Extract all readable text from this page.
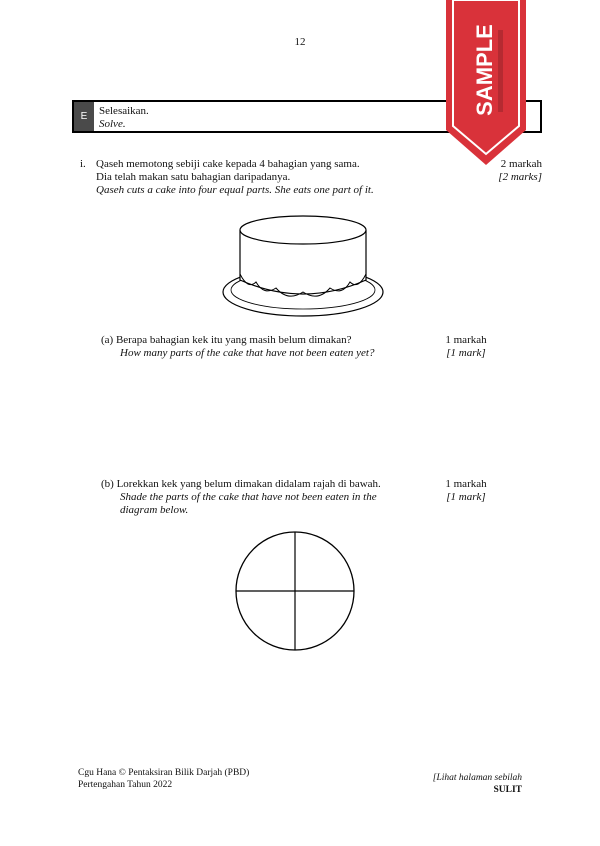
12
E	Selesaikan.
Solve.
i. Qaseh memotong sebiji cake kepada 4 bahagian yang sama.
Dia telah makan satu bahagian daripadanya.
Qaseh cuts a cake into four equal parts. She eats one part of it.
2 markah
[2 marks]
(a) Berapa bahagian kek itu yang masih belum dimakan?
How many parts of the cake that have not been eaten yet?
1 markah
[1 mark]
(b) Lorekkan kek yang belum dimakan didalam rajah di bawah.
Shade the parts of the cake that have not been eaten in the
diagram below.
1 markah
[1 mark]
Cgu Hana © Pentaksiran Bilik Darjah (PBD)
Pertengahan Tahun 2022
[Lihat halaman sebilah
SULIT
SAMPLE
